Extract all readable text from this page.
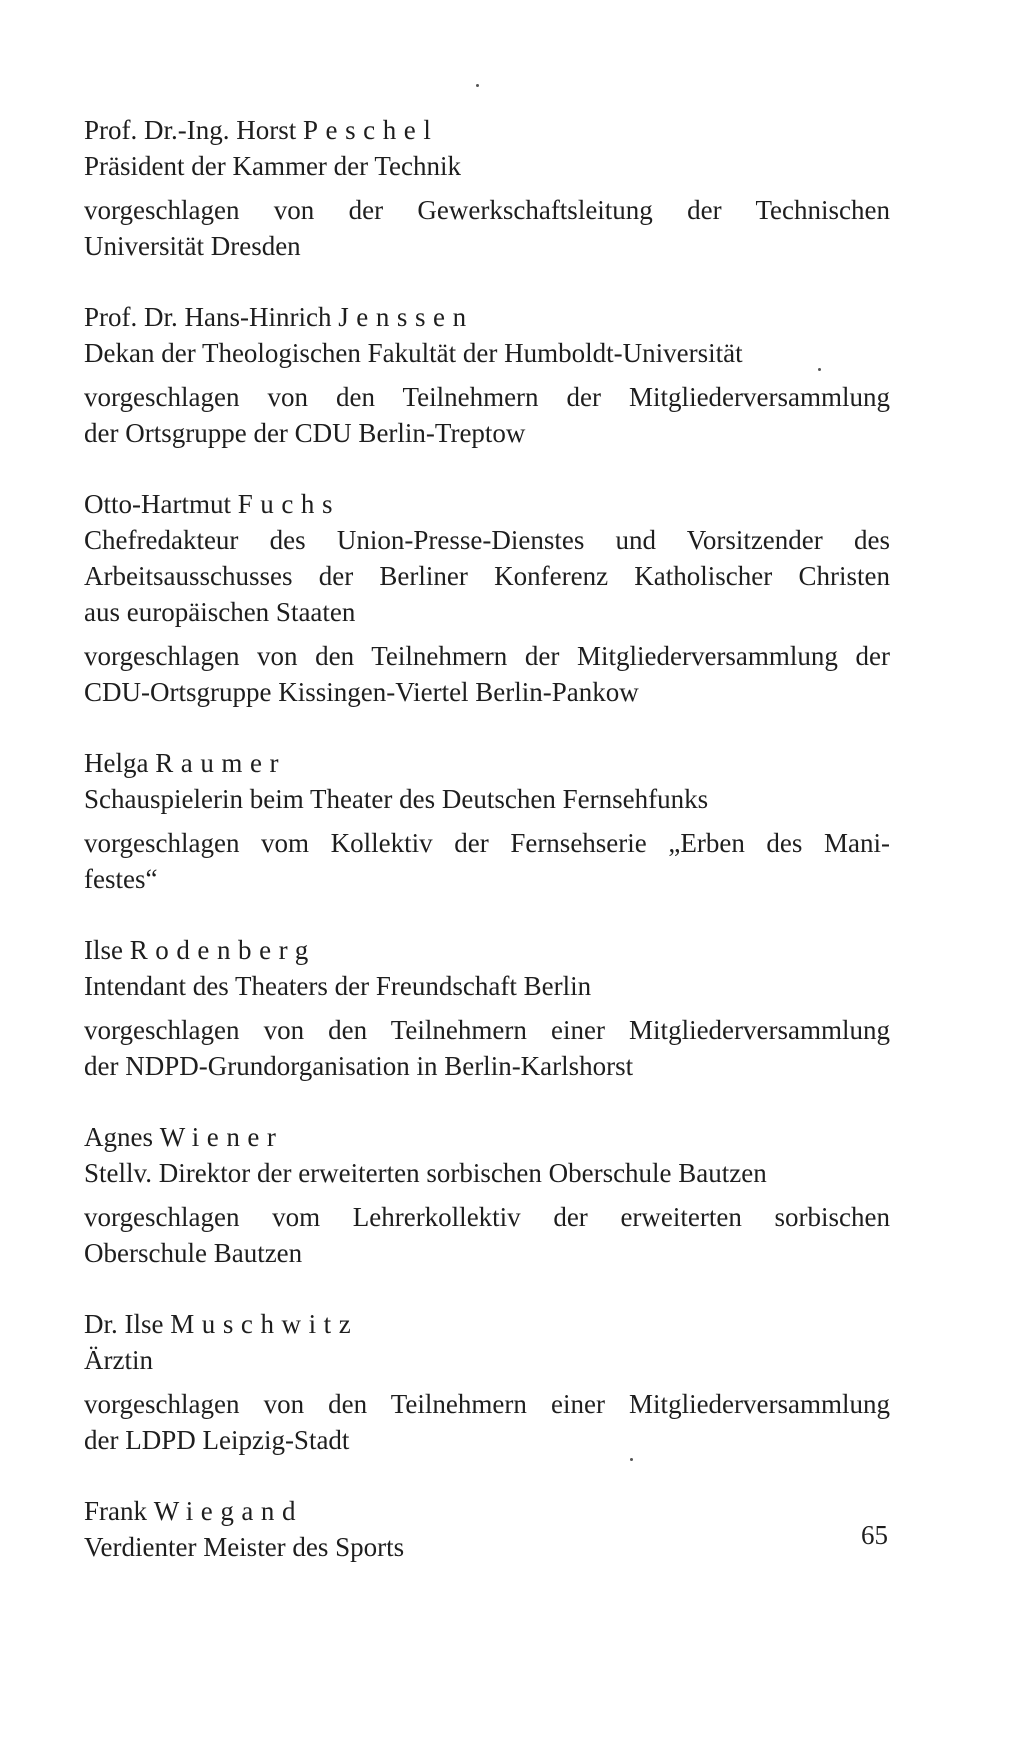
Prof. Dr.-Ing. Horst Peschel
Präsident der Kammer der Technik
vorgeschlagen von der Gewerkschaftsleitung der Technischen
Universität Dresden
Prof. Dr. Hans-Hinrich Jenssen
Dekan der Theologischen Fakultät der Humboldt-Universität
vorgeschlagen von den Teilnehmern der Mitgliederversammlung
der Ortsgruppe der CDU Berlin-Treptow
Otto-Hartmut Fuchs
Chefredakteur des Union-Presse-Dienstes und Vorsitzender des
Arbeitsausschusses der Berliner Konferenz Katholischer Christen
aus europäischen Staaten
vorgeschlagen von den Teilnehmern der Mitgliederversammlung der
CDU-Ortsgruppe Kissingen-Viertel Berlin-Pankow
Helga Raumer
Schauspielerin beim Theater des Deutschen Fernsehfunks
vorgeschlagen vom Kollektiv der Fernsehserie „Erben des Mani-
festes“
Ilse Rodenberg
Intendant des Theaters der Freundschaft Berlin
vorgeschlagen von den Teilnehmern einer Mitgliederversammlung
der NDPD-Grundorganisation in Berlin-Karlshorst
Agnes Wiener
Stellv. Direktor der erweiterten sorbischen Oberschule Bautzen
vorgeschlagen vom Lehrerkollektiv der erweiterten sorbischen
Oberschule Bautzen
Dr. Ilse Muschwitz
Ärztin
vorgeschlagen von den Teilnehmern einer Mitgliederversammlung
der LDPD Leipzig-Stadt
Frank Wiegand
Verdienter Meister des Sports	65
